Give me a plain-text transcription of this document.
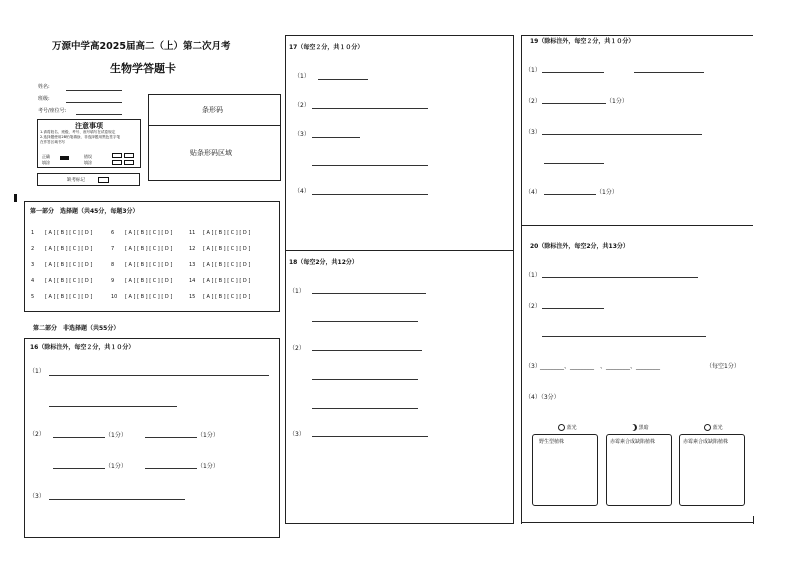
万源中学高2025届高二（上）第二次月考
生物学答题卡
姓名:
班级:
考号/座位号:
注意事项
1.请将姓名、班级、考号、座号填写在试卷规定
2.选择题使用2B铅笔填涂，非选择题用黑色签字笔
在作答区域书写
正确
填涂
错误
填涂
缺考标记
条形码
贴条形码区域
第一部分　选择题（共45分，每题3分）
1 [ A ] [ B ] [ C ] [ D ]	6 [ A ] [ B ] [ C ] [ D ]	11 [ A ] [ B ] [ C ] [ D ]
2 [ A ] [ B ] [ C ] [ D ]	7 [ A ] [ B ] [ C ] [ D ]	12 [ A ] [ B ] [ C ] [ D ]
3 [ A ] [ B ] [ C ] [ D ]	8 [ A ] [ B ] [ C ] [ D ]	13 [ A ] [ B ] [ C ] [ D ]
4 [ A ] [ B ] [ C ] [ D ]	9 [ A ] [ B ] [ C ] [ D ]	14 [ A ] [ B ] [ C ] [ D ]
5 [ A ] [ B ] [ C ] [ D ]	10 [ A ] [ B ] [ C ] [ D ]	15 [ A ] [ B ] [ C ] [ D ]
第二部分　非选择题（共55分）
16（除标注外，每空２分，共１０分）
（1）
（2）	（1分）	（1分）
（1分）	（1分）
（3）
17（每空２分，共１０分）
（1）
（2）
（3）
（4）
18（每空2分，共12分）
（1）
（2）
（3）
19（除标注外，每空２分，共１０分）
（1）
（2）	（1分）
（3）
（4）	（1分）
20（除标注外，每空2分，共13分）
（1）
（2）
（3） ________、________　、________、________	（每空1分）
（4）（3分）
蓝光
野生型植株
黑暗
赤霉素合成缺陷植株
蓝光
赤霉素合成缺陷植株
